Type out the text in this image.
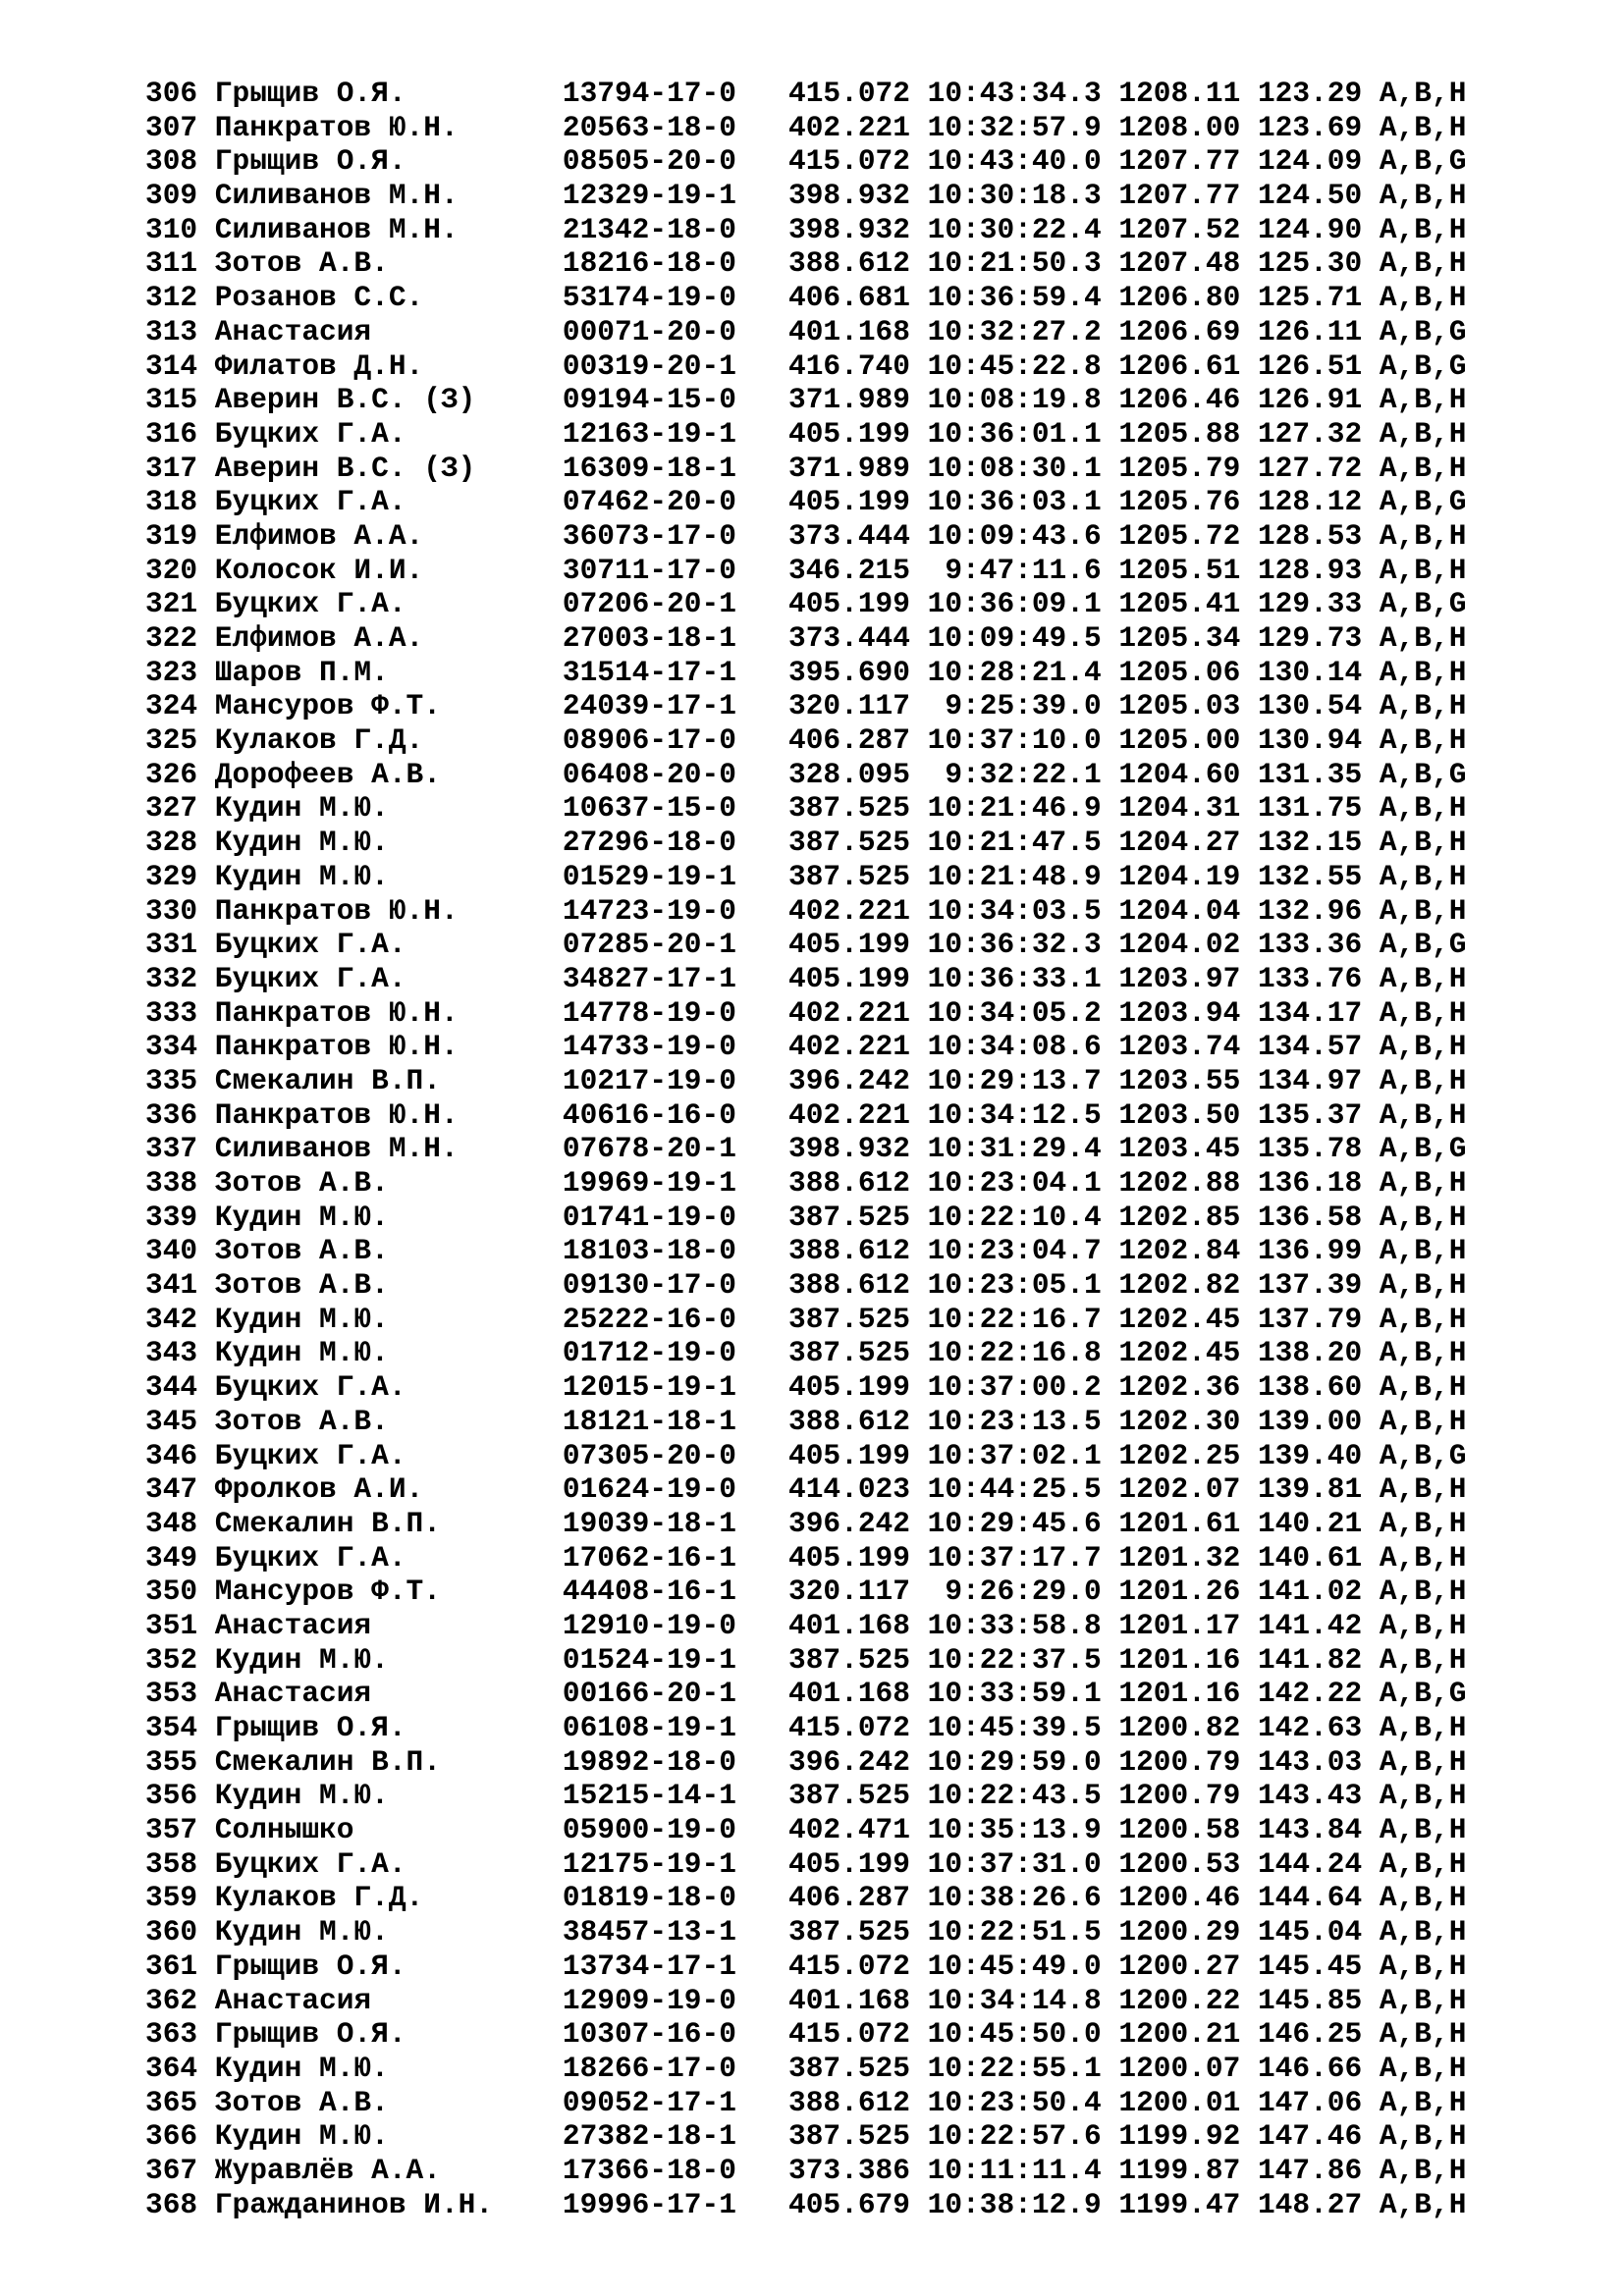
306 Грыщив О.Я.         13794-17-0   415.072 10:43:34.3 1208.11 123.29 A,B,H
307 Панкратов Ю.Н.      20563-18-0   402.221 10:32:57.9 1208.00 123.69 A,B,H
308 Грыщив О.Я.         08505-20-0   415.072 10:43:40.0 1207.77 124.09 A,B,G
309 Силиванов М.Н.      12329-19-1   398.932 10:30:18.3 1207.77 124.50 A,B,H
310 Силиванов М.Н.      21342-18-0   398.932 10:30:22.4 1207.52 124.90 A,B,H
311 Зотов А.В.          18216-18-0   388.612 10:21:50.3 1207.48 125.30 A,B,H
312 Розанов С.С.        53174-19-0   406.681 10:36:59.4 1206.80 125.71 A,B,H
313 Анастасия           00071-20-0   401.168 10:32:27.2 1206.69 126.11 A,B,G
314 Филатов Д.Н.        00319-20-1   416.740 10:45:22.8 1206.61 126.51 A,B,G
315 Аверин В.С. (З)     09194-15-0   371.989 10:08:19.8 1206.46 126.91 A,B,H
316 Буцких Г.А.         12163-19-1   405.199 10:36:01.1 1205.88 127.32 A,B,H
317 Аверин В.С. (З)     16309-18-1   371.989 10:08:30.1 1205.79 127.72 A,B,H
318 Буцких Г.А.         07462-20-0   405.199 10:36:03.1 1205.76 128.12 A,B,G
319 Елфимов А.А.        36073-17-0   373.444 10:09:43.6 1205.72 128.53 A,B,H
320 Колосок И.И.        30711-17-0   346.215  9:47:11.6 1205.51 128.93 A,B,H
321 Буцких Г.А.         07206-20-1   405.199 10:36:09.1 1205.41 129.33 A,B,G
322 Елфимов А.А.        27003-18-1   373.444 10:09:49.5 1205.34 129.73 A,B,H
323 Шаров П.М.          31514-17-1   395.690 10:28:21.4 1205.06 130.14 A,B,H
324 Мансуров Ф.Т.       24039-17-1   320.117  9:25:39.0 1205.03 130.54 A,B,H
325 Кулаков Г.Д.        08906-17-0   406.287 10:37:10.0 1205.00 130.94 A,B,H
326 Дорофеев А.В.       06408-20-0   328.095  9:32:22.1 1204.60 131.35 A,B,G
327 Кудин М.Ю.          10637-15-0   387.525 10:21:46.9 1204.31 131.75 A,B,H
328 Кудин М.Ю.          27296-18-0   387.525 10:21:47.5 1204.27 132.15 A,B,H
329 Кудин М.Ю.          01529-19-1   387.525 10:21:48.9 1204.19 132.55 A,B,H
330 Панкратов Ю.Н.      14723-19-0   402.221 10:34:03.5 1204.04 132.96 A,B,H
331 Буцких Г.А.         07285-20-1   405.199 10:36:32.3 1204.02 133.36 A,B,G
332 Буцких Г.А.         34827-17-1   405.199 10:36:33.1 1203.97 133.76 A,B,H
333 Панкратов Ю.Н.      14778-19-0   402.221 10:34:05.2 1203.94 134.17 A,B,H
334 Панкратов Ю.Н.      14733-19-0   402.221 10:34:08.6 1203.74 134.57 A,B,H
335 Смекалин В.П.       10217-19-0   396.242 10:29:13.7 1203.55 134.97 A,B,H
336 Панкратов Ю.Н.      40616-16-0   402.221 10:34:12.5 1203.50 135.37 A,B,H
337 Силиванов М.Н.      07678-20-1   398.932 10:31:29.4 1203.45 135.78 A,B,G
338 Зотов А.В.          19969-19-1   388.612 10:23:04.1 1202.88 136.18 A,B,H
339 Кудин М.Ю.          01741-19-0   387.525 10:22:10.4 1202.85 136.58 A,B,H
340 Зотов А.В.          18103-18-0   388.612 10:23:04.7 1202.84 136.99 A,B,H
341 Зотов А.В.          09130-17-0   388.612 10:23:05.1 1202.82 137.39 A,B,H
342 Кудин М.Ю.          25222-16-0   387.525 10:22:16.7 1202.45 137.79 A,B,H
343 Кудин М.Ю.          01712-19-0   387.525 10:22:16.8 1202.45 138.20 A,B,H
344 Буцких Г.А.         12015-19-1   405.199 10:37:00.2 1202.36 138.60 A,B,H
345 Зотов А.В.          18121-18-1   388.612 10:23:13.5 1202.30 139.00 A,B,H
346 Буцких Г.А.         07305-20-0   405.199 10:37:02.1 1202.25 139.40 A,B,G
347 Фролков А.И.        01624-19-0   414.023 10:44:25.5 1202.07 139.81 A,B,H
348 Смекалин В.П.       19039-18-1   396.242 10:29:45.6 1201.61 140.21 A,B,H
349 Буцких Г.А.         17062-16-1   405.199 10:37:17.7 1201.32 140.61 A,B,H
350 Мансуров Ф.Т.       44408-16-1   320.117  9:26:29.0 1201.26 141.02 A,B,H
351 Анастасия           12910-19-0   401.168 10:33:58.8 1201.17 141.42 A,B,H
352 Кудин М.Ю.          01524-19-1   387.525 10:22:37.5 1201.16 141.82 A,B,H
353 Анастасия           00166-20-1   401.168 10:33:59.1 1201.16 142.22 A,B,G
354 Грыщив О.Я.         06108-19-1   415.072 10:45:39.5 1200.82 142.63 A,B,H
355 Смекалин В.П.       19892-18-0   396.242 10:29:59.0 1200.79 143.03 A,B,H
356 Кудин М.Ю.          15215-14-1   387.525 10:22:43.5 1200.79 143.43 A,B,H
357 Солнышко            05900-19-0   402.471 10:35:13.9 1200.58 143.84 A,B,H
358 Буцких Г.А.         12175-19-1   405.199 10:37:31.0 1200.53 144.24 A,B,H
359 Кулаков Г.Д.        01819-18-0   406.287 10:38:26.6 1200.46 144.64 A,B,H
360 Кудин М.Ю.          38457-13-1   387.525 10:22:51.5 1200.29 145.04 A,B,H
361 Грыщив О.Я.         13734-17-1   415.072 10:45:49.0 1200.27 145.45 A,B,H
362 Анастасия           12909-19-0   401.168 10:34:14.8 1200.22 145.85 A,B,H
363 Грыщив О.Я.         10307-16-0   415.072 10:45:50.0 1200.21 146.25 A,B,H
364 Кудин М.Ю.          18266-17-0   387.525 10:22:55.1 1200.07 146.66 A,B,H
365 Зотов А.В.          09052-17-1   388.612 10:23:50.4 1200.01 147.06 A,B,H
366 Кудин М.Ю.          27382-18-1   387.525 10:22:57.6 1199.92 147.46 A,B,H
367 Журавлёв А.А.       17366-18-0   373.386 10:11:11.4 1199.87 147.86 A,B,H
368 Гражданинов И.Н.    19996-17-1   405.679 10:38:12.9 1199.47 148.27 A,B,H
